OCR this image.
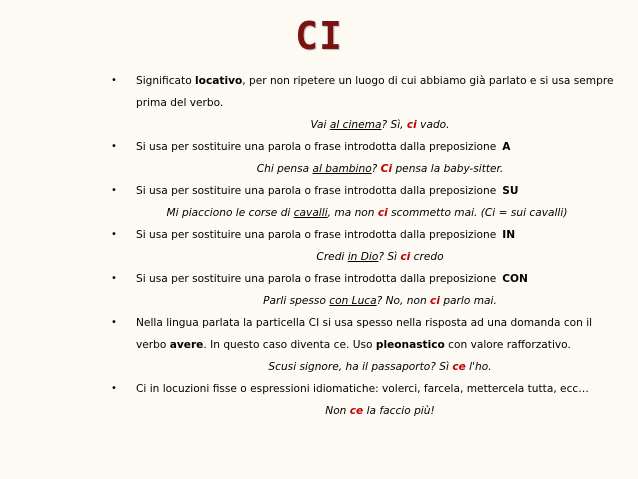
CI
• Significato locativo, per non ripetere un luogo di cui abbiamo già parlato e si usa sempre prima del verbo.
Vai al cinema? Sì, ci vado.
• Si usa per sostituire una parola o frase introdotta dalla preposizione A
Chi pensa al bambino? Ci pensa la baby-sitter.
• Si usa per sostituire una parola o frase introdotta dalla preposizione SU
Mi piacciono le corse di cavalli, ma non ci scommetto mai. (Ci = sui cavalli)
• Si usa per sostituire una parola o frase introdotta dalla preposizione IN
Credi in Dio? Sì ci credo
• Si usa per sostituire una parola o frase introdotta dalla preposizione CON
Parli spesso con Luca? No, non ci parlo mai.
• Nella lingua parlata la particella CI si usa spesso nella risposta ad una domanda con il verbo avere. In questo caso diventa ce. Uso pleonastico con valore rafforzativo.
Scusi signore, ha il passaporto? Sì ce l'ho.
• Ci in locuzioni fisse o espressioni idiomatiche: volerci, farcela, mettercela tutta, ecc…
Non ce la faccio più!
